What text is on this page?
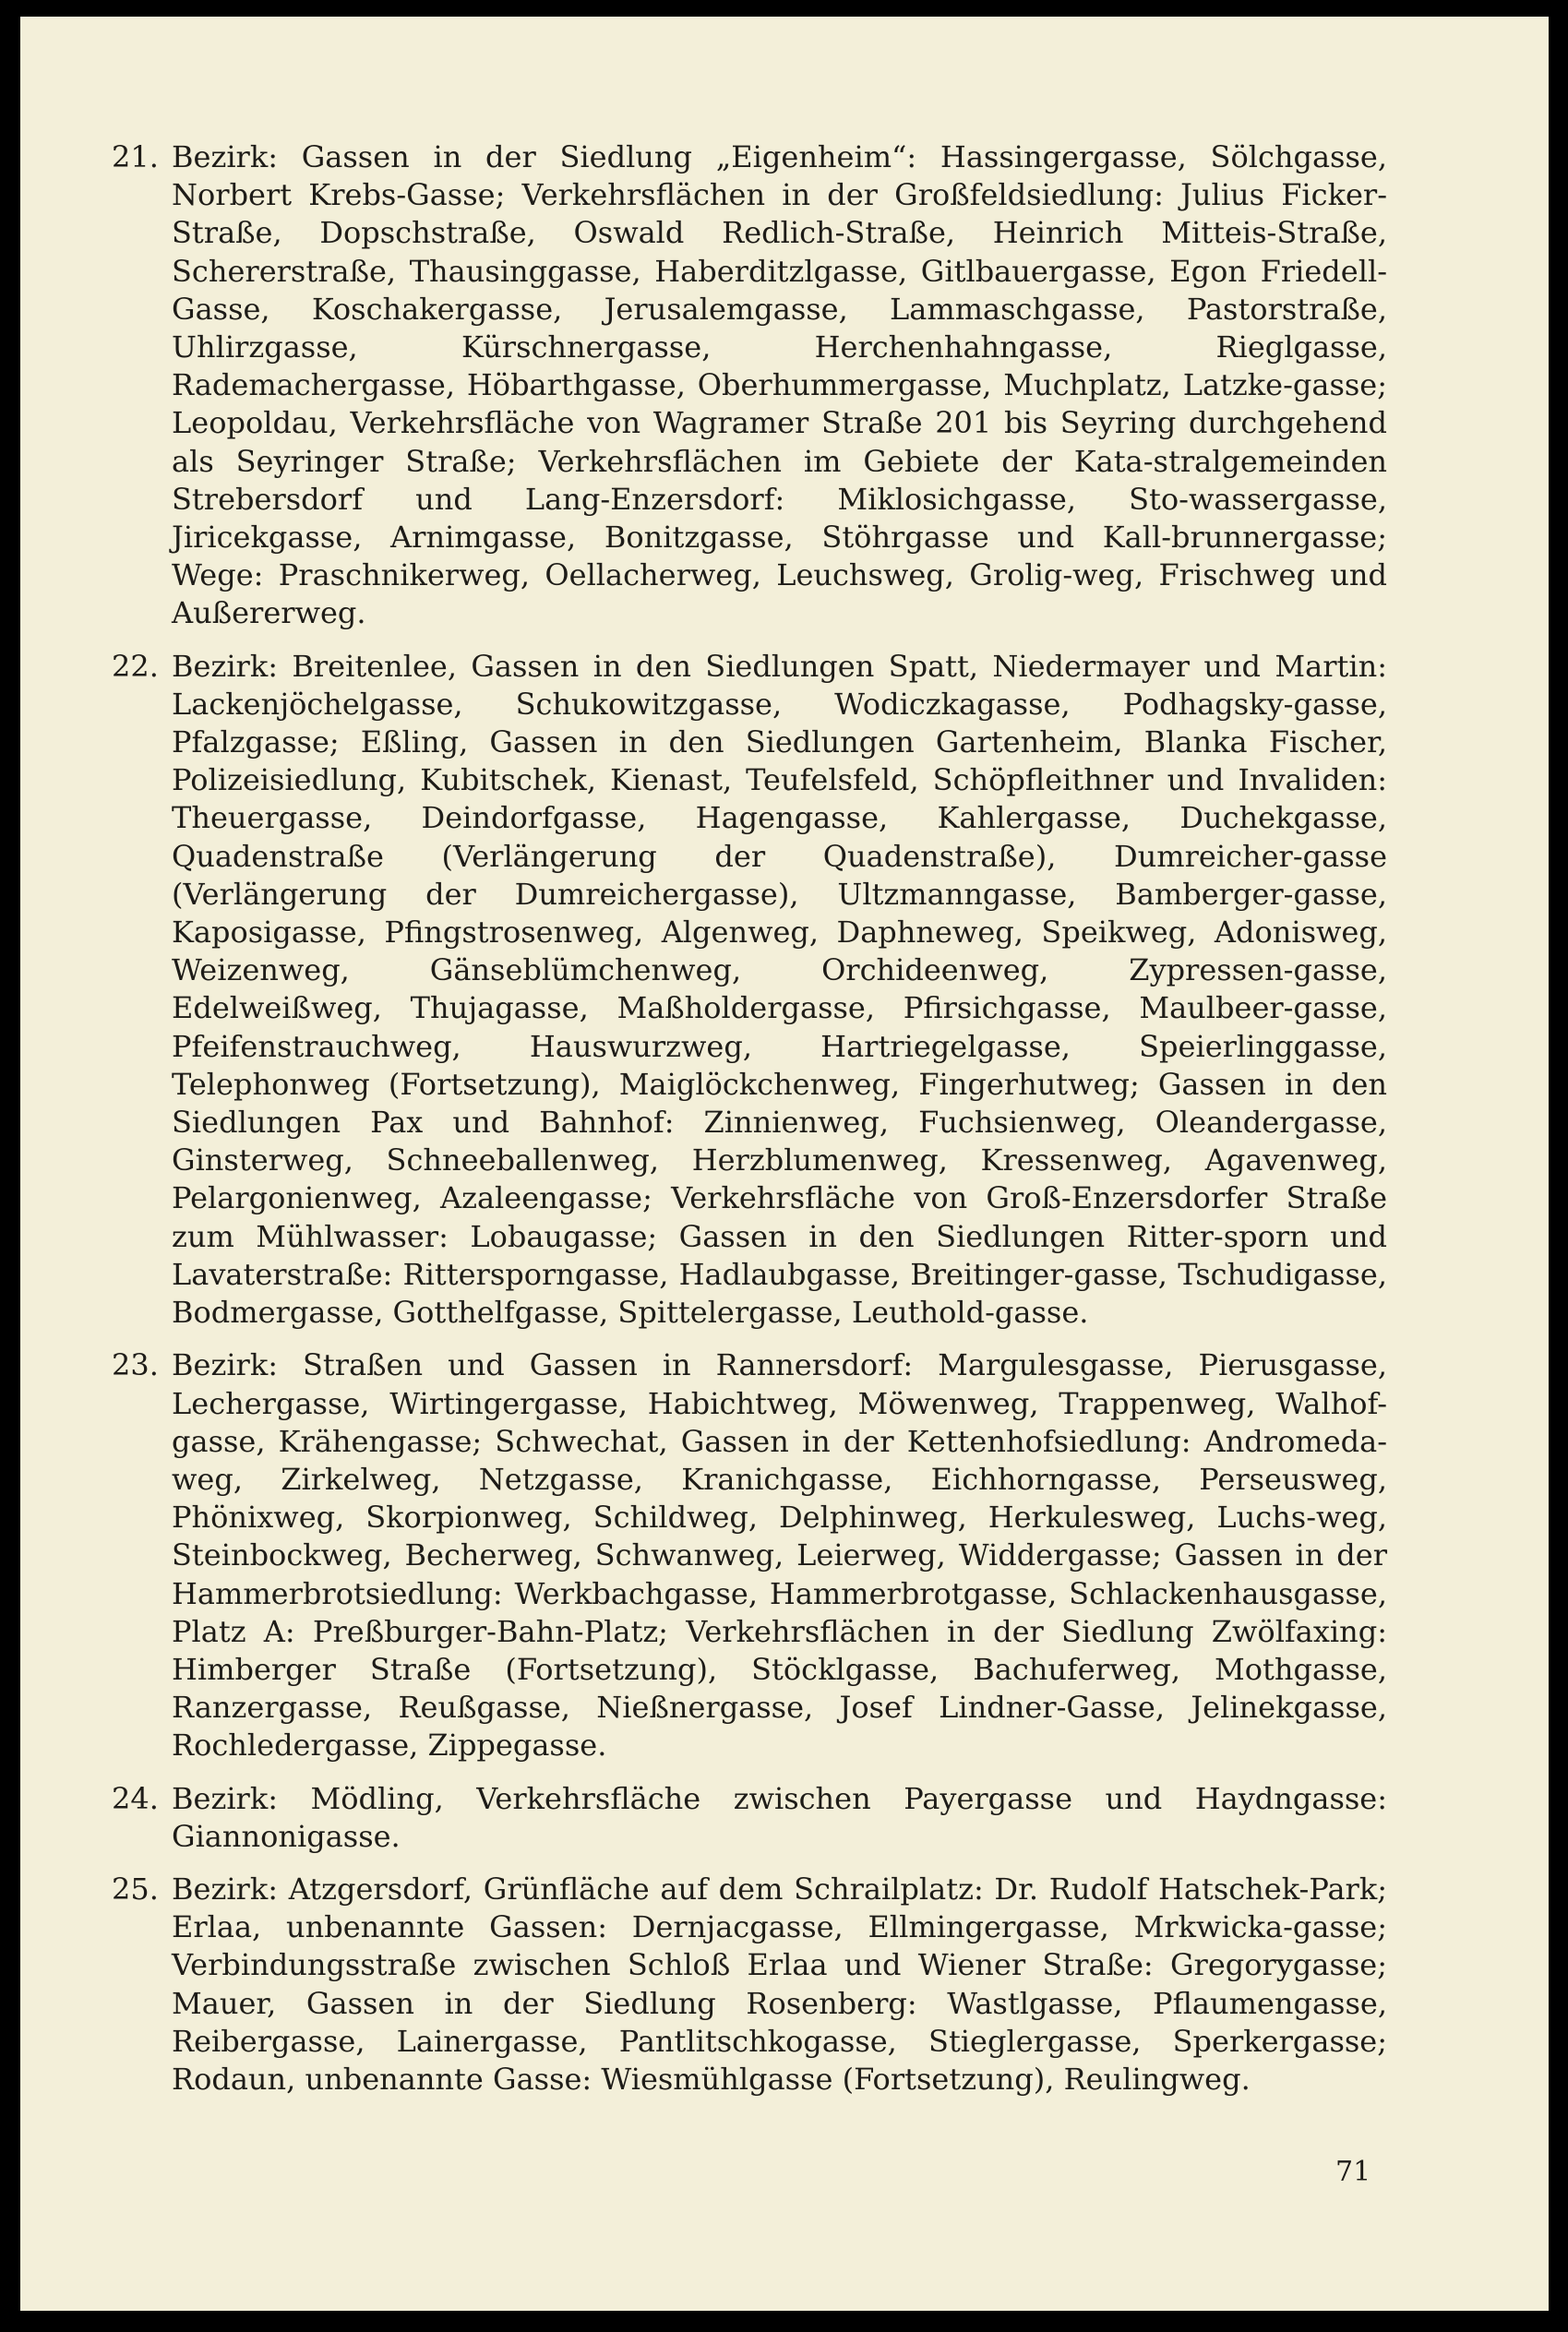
21. Bezirk: Gassen in der Siedlung „Eigenheim“: Hassingergasse, Sölchgasse, Norbert Krebs-Gasse; Verkehrsflächen in der Großfeldsiedlung: Julius Ficker-Straße, Dopschstraße, Oswald Redlich-Straße, Heinrich Mitteis-Straße, Schererstraße, Thausinggasse, Haberditzlgasse, Gitlbauergasse, Egon Friedell-Gasse, Koschakergasse, Jerusalemgasse, Lammaschgasse, Pastorstraße, Uhlirzgasse, Kürschnergasse, Herchenhahngasse, Rieglgasse, Rademachergasse, Höbarthgasse, Oberhummergasse, Muchplatz, Latzke-gasse; Leopoldau, Verkehrsfläche von Wagramer Straße 201 bis Seyring durchgehend als Seyringer Straße; Verkehrsflächen im Gebiete der Kata-stralgemeinden Strebersdorf und Lang-Enzersdorf: Miklosichgasse, Sto-wassergasse, Jiricekgasse, Arnimgasse, Bonitzgasse, Stöhrgasse und Kall-brunnergasse; Wege: Praschnikerweg, Oellacherweg, Leuchsweg, Grolig-weg, Frischweg und Außererweg.
22. Bezirk: Breitenlee, Gassen in den Siedlungen Spatt, Niedermayer und Martin: Lackenjöchelgasse, Schukowitzgasse, Wodiczkagasse, Podhagsky-gasse, Pfalzgasse; Eßling, Gassen in den Siedlungen Gartenheim, Blanka Fischer, Polizeisiedlung, Kubitschek, Kienast, Teufelsfeld, Schöpfleithner und Invaliden: Theuergasse, Deindorfgasse, Hagengasse, Kahlergasse, Duchekgasse, Quadenstraße (Verlängerung der Quadenstraße), Dumreicher-gasse (Verlängerung der Dumreichergasse), Ultzmanngasse, Bamberger-gasse, Kaposigasse, Pfingstrosenweg, Algenweg, Daphneweg, Speikweg, Adonisweg, Weizenweg, Gänseblümchenweg, Orchideenweg, Zypressen-gasse, Edelweißweg, Thujagasse, Maßholdergasse, Pfirsichgasse, Maulbeer-gasse, Pfeifenstrauchweg, Hauswurzweg, Hartriegelgasse, Speierlinggasse, Telephonweg (Fortsetzung), Maiglöckchenweg, Fingerhutweg; Gassen in den Siedlungen Pax und Bahnhof: Zinnienweg, Fuchsienweg, Oleandergasse, Ginsterweg, Schneeballenweg, Herzblumenweg, Kressenweg, Agavenweg, Pelargonienweg, Azaleengasse; Verkehrsfläche von Groß-Enzersdorfer Straße zum Mühlwasser: Lobaugasse; Gassen in den Siedlungen Ritter-sporn und Lavaterstraße: Rittersporngasse, Hadlaubgasse, Breitinger-gasse, Tschudigasse, Bodmergasse, Gotthelfgasse, Spittelergasse, Leuthold-gasse.
23. Bezirk: Straßen und Gassen in Rannersdorf: Margulesgasse, Pierusgasse, Lechergasse, Wirtingergasse, Habichtweg, Möwenweg, Trappenweg, Walhof-gasse, Krähengasse; Schwechat, Gassen in der Kettenhofsiedlung: Andromeda-weg, Zirkelweg, Netzgasse, Kranichgasse, Eichhorngasse, Perseusweg, Phönixweg, Skorpionweg, Schildweg, Delphinweg, Herkulesweg, Luchs-weg, Steinbockweg, Becherweg, Schwanweg, Leierweg, Widdergasse; Gassen in der Hammerbrotsiedlung: Werkbachgasse, Hammerbrotgasse, Schlackenhausgasse, Platz A: Preßburger-Bahn-Platz; Verkehrsflächen in der Siedlung Zwölfaxing: Himberger Straße (Fortsetzung), Stöcklgasse, Bachuferweg, Mothgasse, Ranzergasse, Reußgasse, Nießnergasse, Josef Lindner-Gasse, Jelinekgasse, Rochledergasse, Zippegasse.
24. Bezirk: Mödling, Verkehrsfläche zwischen Payergasse und Haydngasse: Giannonigasse.
25. Bezirk: Atzgersdorf, Grünfläche auf dem Schrailplatz: Dr. Rudolf Hatschek-Park; Erlaa, unbenannte Gassen: Dernjacgasse, Ellmingergasse, Mrkwicka-gasse; Verbindungsstraße zwischen Schloß Erlaa und Wiener Straße: Gregorygasse; Mauer, Gassen in der Siedlung Rosenberg: Wastlgasse, Pflaumengasse, Reibergasse, Lainergasse, Pantlitschkogasse, Stieglergasse, Sperkergasse; Rodaun, unbenannte Gasse: Wiesmühlgasse (Fortsetzung), Reulingweg.
71
